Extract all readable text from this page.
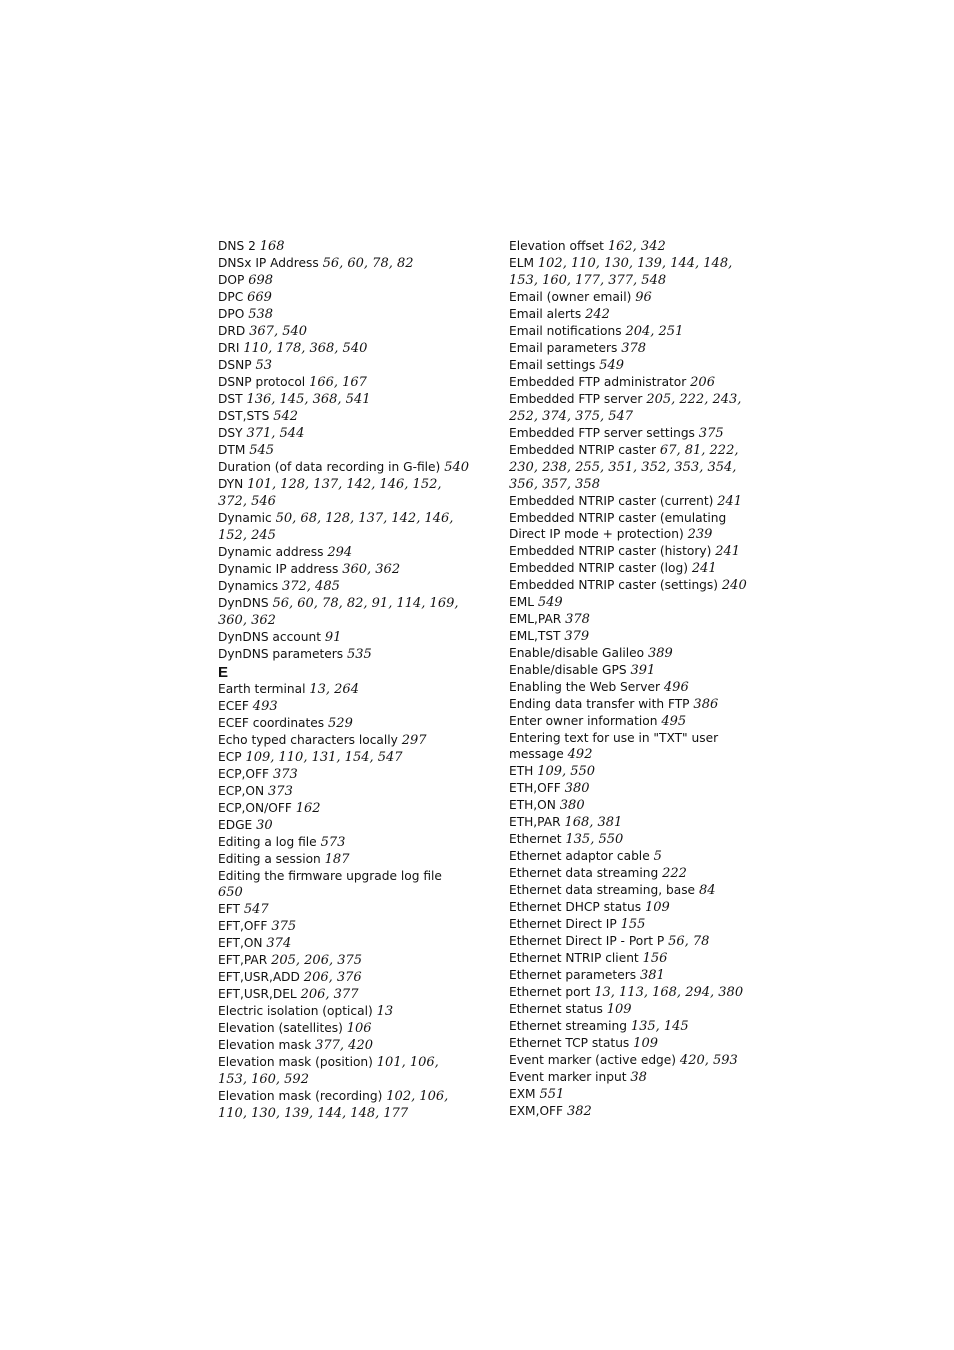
DNS 2 168
DNSx IP Address 56, 60, 78, 82
DOP 698
DPC 669
DPO 538
DRD 367, 540
DRI 110, 178, 368, 540
DSNP 53
DSNP protocol 166, 167
DST 136, 145, 368, 541
DST,STS 542
DSY 371, 544
DTM 545
Duration (of data recording in G-file) 540
DYN 101, 128, 137, 142, 146, 152, 372, 546
Dynamic 50, 68, 128, 137, 142, 146, 152, 245
Dynamic address 294
Dynamic IP address 360, 362
Dynamics 372, 485
DynDNS 56, 60, 78, 82, 91, 114, 169, 360, 362
DynDNS account 91
DynDNS parameters 535
E
Earth terminal 13, 264
ECEF 493
ECEF coordinates 529
Echo typed characters locally 297
ECP 109, 110, 131, 154, 547
ECP,OFF 373
ECP,ON 373
ECP,ON/OFF 162
EDGE 30
Editing a log file 573
Editing a session 187
Editing the firmware upgrade log file 650
EFT 547
EFT,OFF 375
EFT,ON 374
EFT,PAR 205, 206, 375
EFT,USR,ADD 206, 376
EFT,USR,DEL 206, 377
Electric isolation (optical) 13
Elevation (satellites) 106
Elevation mask 377, 420
Elevation mask (position) 101, 106, 153, 160, 592
Elevation mask (recording) 102, 106, 110, 130, 139, 144, 148, 177
Elevation offset 162, 342
ELM 102, 110, 130, 139, 144, 148, 153, 160, 177, 377, 548
Email (owner email) 96
Email alerts 242
Email notifications 204, 251
Email parameters 378
Email settings 549
Embedded FTP administrator 206
Embedded FTP server 205, 222, 243, 252, 374, 375, 547
Embedded FTP server settings 375
Embedded NTRIP caster 67, 81, 222, 230, 238, 255, 351, 352, 353, 354, 356, 357, 358
Embedded NTRIP caster (current) 241
Embedded NTRIP caster (emulating Direct IP mode + protection) 239
Embedded NTRIP caster (history) 241
Embedded NTRIP caster (log) 241
Embedded NTRIP caster (settings) 240
EML 549
EML,PAR 378
EML,TST 379
Enable/disable Galileo 389
Enable/disable GPS 391
Enabling the Web Server 496
Ending data transfer with FTP 386
Enter owner information 495
Entering text for use in "TXT" user message 492
ETH 109, 550
ETH,OFF 380
ETH,ON 380
ETH,PAR 168, 381
Ethernet 135, 550
Ethernet adaptor cable 5
Ethernet data streaming 222
Ethernet data streaming, base 84
Ethernet DHCP status 109
Ethernet Direct IP 155
Ethernet Direct IP - Port P 56, 78
Ethernet NTRIP client 156
Ethernet parameters 381
Ethernet port 13, 113, 168, 294, 380
Ethernet status 109
Ethernet streaming 135, 145
Ethernet TCP status 109
Event marker (active edge) 420, 593
Event marker input 38
EXM 551
EXM,OFF 382
